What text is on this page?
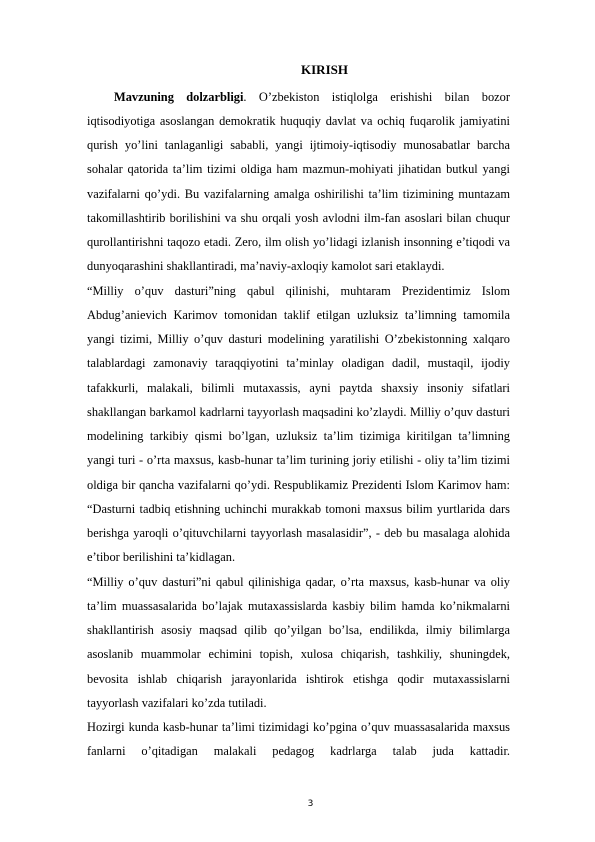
KIRISH

Mavzuning dolzarbligi. O’zbekiston istiqlolga erishishi bilan bozor iqtisodiyotiga asoslangan demokratik huquqiy davlat va ochiq fuqarolik jamiyatini qurish yo’lini tanlaganligi sababli, yangi ijtimoiy-iqtisodiy munosabatlar barcha sohalar qatorida ta’lim tizimi oldiga ham mazmun-mohiyati jihatidan butkul yangi vazifalarni qo’ydi. Bu vazifalarning amalga oshirilishi ta’lim tizimining muntazam takomillashtirib borilishini va shu orqali yosh avlodni ilm-fan asoslari bilan chuqur qurollantirishni taqozo etadi. Zero, ilm olish yo’lidagi izlanish insonning e’tiqodi va dunyoqarashini shakllantiradi, ma’naviy-axloqiy kamolot sari etaklaydi.

“Milliy o’quv dasturi”ning qabul qilinishi, muhtaram Prezidentimiz Islom Abdug’anievich Karimov tomonidan taklif etilgan uzluksiz ta’limning tamomila yangi tizimi, Milliy o’quv dasturi modelining yaratilishi O’zbekistonning xalqaro talablardagi zamonaviy taraqqiyotini ta’minlay oladigan dadil, mustaqil, ijodiy tafakkurli, malakali, bilimli mutaxassis, ayni paytda shaxsiy insoniy sifatlari shakllangan barkamol kadrlarni tayyorlash maqsadini ko’zlaydi. Milliy o’quv dasturi modelining tarkibiy qismi bo’lgan, uzluksiz ta’lim tizimiga kiritilgan ta’limning yangi turi - o’rta maxsus, kasb-hunar ta’lim turining joriy etilishi - oliy ta’lim tizimi oldiga bir qancha vazifalarni qo’ydi. Respublikamiz Prezidenti Islom Karimov ham: “Dasturni tadbiq etishning uchinchi murakkab tomoni maxsus bilim yurtlarida dars berishga yaroqli o’qituvchilarni tayyorlash masalasidir”, - deb bu masalaga alohida e’tibor berilishini ta’kidlagan.

“Milliy o’quv dasturi”ni qabul qilinishiga qadar, o’rta maxsus, kasb-hunar va oliy ta’lim muassasalarida bo’lajak mutaxassislarda kasbiy bilim hamda ko’nikmalarni shakllantirish asosiy maqsad qilib qo’yilgan bo’lsa, endilikda, ilmiy bilimlarga asoslanib muammolar echimini topish, xulosa chiqarish, tashkiliy, shuningdek, bevosita ishlab chiqarish jarayonlarida ishtirok etishga qodir mutaxassislarni tayyorlash vazifalari ko’zda tutiladi.

Hozirgi kunda kasb-hunar ta’limi tizimidagi ko’pgina o’quv muassasalarida maxsus fanlarni o’qitadigan malakali pedagog kadrlarga talab juda kattadir.

3
